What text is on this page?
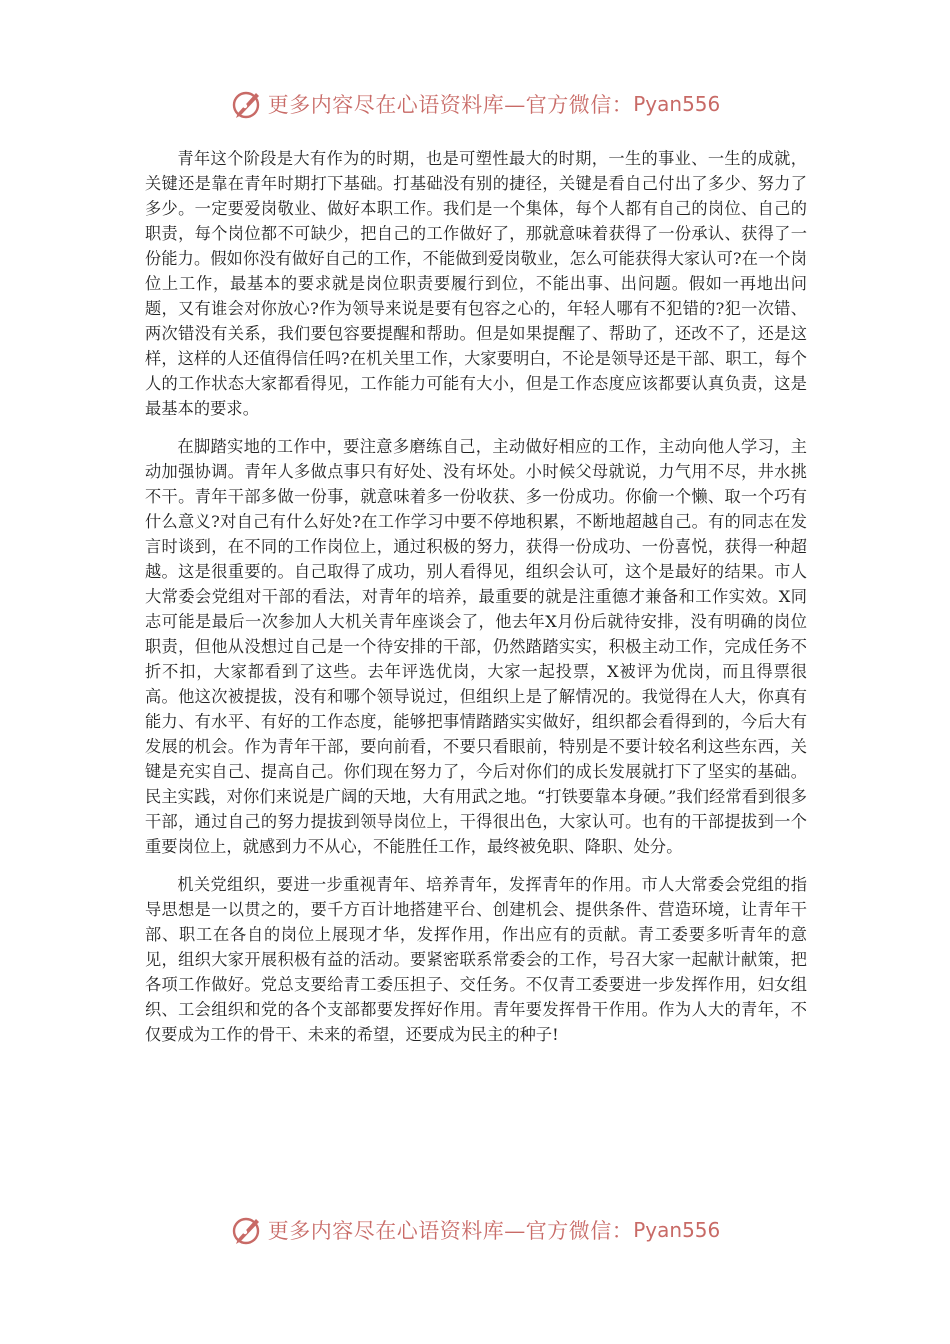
更多内容尽在心语资料库—官方微信： Pyan556

青年这个阶段是大有作为的时期，也是可塑性最大的时期，一生的事业、一生的成就，关键还是靠在青年时期打下基础。打基础没有别的捷径，关键是看自己付出了多少、努力了多少。一定要爱岗敬业、做好本职工作。我们是一个集体，每个人都有自己的岗位、自己的职责，每个岗位都不可缺少，把自己的工作做好了，那就意味着获得了一份承认、获得了一份能力。假如你没有做好自己的工作，不能做到爱岗敬业，怎么可能获得大家认可?在一个岗位上工作，最基本的要求就是岗位职责要履行到位，不能出事、出问题。假如一再地出问题，又有谁会对你放心?作为领导来说是要有包容之心的，年轻人哪有不犯错的?犯一次错、两次错没有关系，我们要包容要提醒和帮助。但是如果提醒了、帮助了，还改不了，还是这样，这样的人还值得信任吗?在机关里工作，大家要明白，不论是领导还是干部、职工，每个人的工作状态大家都看得见，工作能力可能有大小，但是工作态度应该都要认真负责，这是最基本的要求。

在脚踏实地的工作中，要注意多磨练自己，主动做好相应的工作，主动向他人学习，主动加强协调。青年人多做点事只有好处、没有坏处。小时候父母就说，力气用不尽，井水挑不干。青年干部多做一份事，就意味着多一份收获、多一份成功。你偷一个懒、取一个巧有什么意义?对自己有什么好处?在工作学习中要不停地积累，不断地超越自己。有的同志在发言时谈到，在不同的工作岗位上，通过积极的努力，获得一份成功、一份喜悦，获得一种超越。这是很重要的。自己取得了成功，别人看得见，组织会认可，这个是最好的结果。市人大常委会党组对干部的看法，对青年的培养，最重要的就是注重德才兼备和工作实效。X同志可能是最后一次参加人大机关青年座谈会了，他去年X月份后就待安排，没有明确的岗位职责，但他从没想过自己是一个待安排的干部，仍然踏踏实实，积极主动工作，完成任务不折不扣，大家都看到了这些。去年评选优岗，大家一起投票，X被评为优岗，而且得票很高。他这次被提拔，没有和哪个领导说过，但组织上是了解情况的。我觉得在人大，你真有能力、有水平、有好的工作态度，能够把事情踏踏实实做好，组织都会看得到的，今后大有发展的机会。作为青年干部，要向前看，不要只看眼前，特别是不要计较名利这些东西，关键是充实自己、提高自己。你们现在努力了，今后对你们的成长发展就打下了坚实的基础。民主实践，对你们来说是广阔的天地，大有用武之地。“打铁要靠本身硬。”我们经常看到很多干部，通过自己的努力提拔到领导岗位上，干得很出色，大家认可。也有的干部提拔到一个重要岗位上，就感到力不从心，不能胜任工作，最终被免职、降职、处分。

机关党组织，要进一步重视青年、培养青年，发挥青年的作用。市人大常委会党组的指导思想是一以贯之的，要千方百计地搭建平台、创建机会、提供条件、营造环境，让青年干部、职工在各自的岗位上展现才华，发挥作用，作出应有的贡献。青工委要多听青年的意见，组织大家开展积极有益的活动。要紧密联系常委会的工作，号召大家一起献计献策，把各项工作做好。党总支要给青工委压担子、交任务。不仅青工委要进一步发挥作用，妇女组织、工会组织和党的各个支部都要发挥好作用。青年要发挥骨干作用。作为人大的青年，不仅要成为工作的骨干、未来的希望，还要成为民主的种子!

更多内容尽在心语资料库—官方微信： Pyan556
